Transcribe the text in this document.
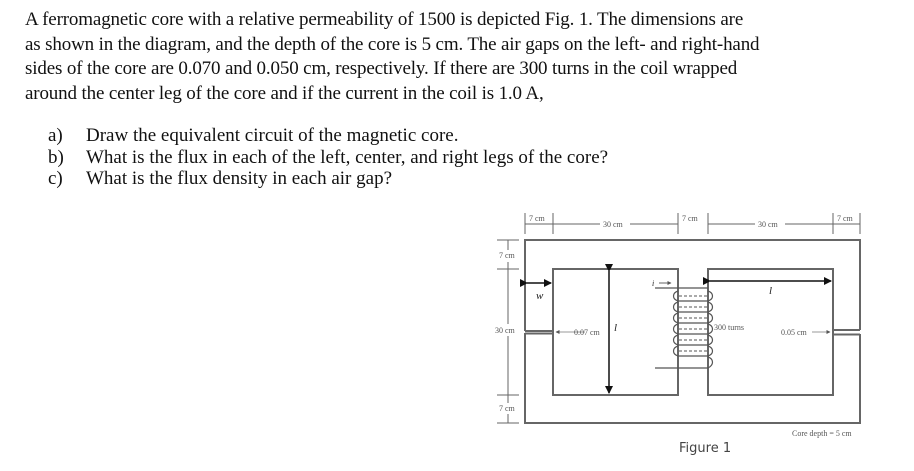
A ferromagnetic core with a relative permeability of 1500 is depicted Fig. 1. The dimensions are

as shown in the diagram, and the depth of the core is 5 cm. The air gaps on the left- and right-hand

sides of the core are 0.070 and 0.050 cm, respectively. If there are 300 turns in the coil wrapped

around the center leg of the core and if the current in the coil is 1.0 A,

a)	Draw the equivalent circuit of the magnetic core.
b)	What is the flux in each of the left, center, and right legs of the core?
c)	What is the flux density in each air gap?
7 cm
30 cm
7 cm
30 cm
7 cm
7 cm
30 cm
7 cm
w
l
l
0.07 cm	0.05 cm
i
300 turns
Core depth = 5 cm
Figure 1
